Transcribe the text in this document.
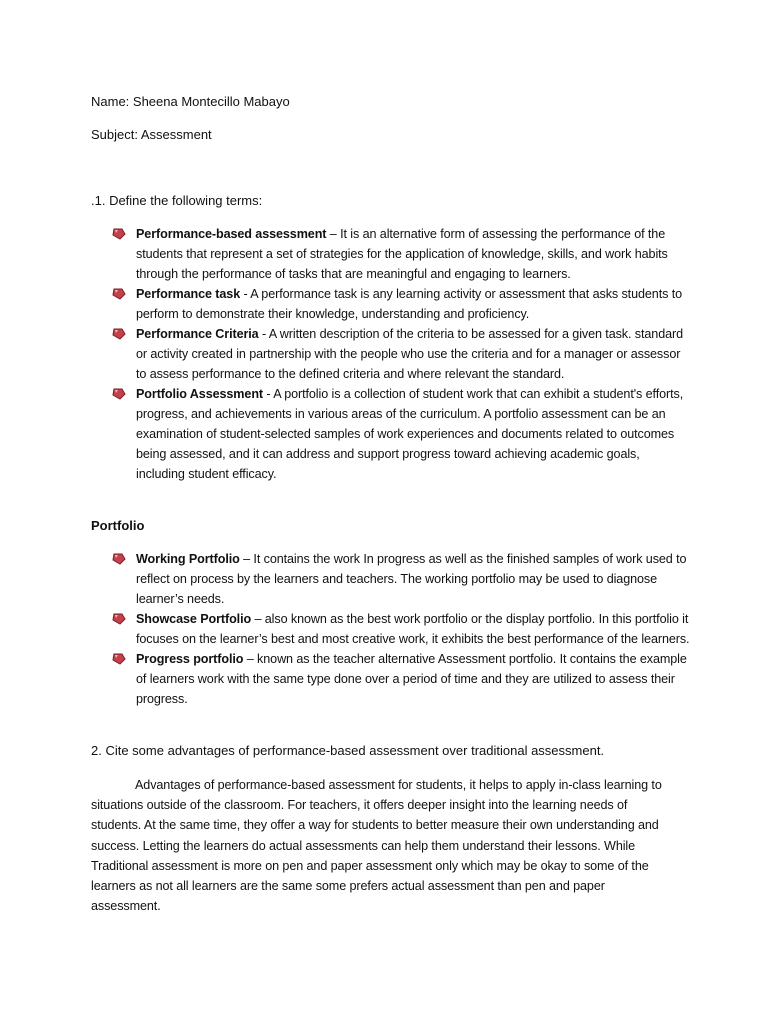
Name: Sheena Montecillo Mabayo
Subject: Assessment
.1. Define the following terms:
Performance-based assessment – It is an alternative form of assessing the performance of the students that represent a set of strategies for the application of knowledge, skills, and work habits through the performance of tasks that are meaningful and engaging to learners.
Performance task - A performance task is any learning activity or assessment that asks students to perform to demonstrate their knowledge, understanding and proficiency.
Performance Criteria - A written description of the criteria to be assessed for a given task. standard or activity created in partnership with the people who use the criteria and for a manager or assessor to assess performance to the defined criteria and where relevant the standard.
Portfolio Assessment - A portfolio is a collection of student work that can exhibit a student's efforts, progress, and achievements in various areas of the curriculum. A portfolio assessment can be an examination of student-selected samples of work experiences and documents related to outcomes being assessed, and it can address and support progress toward achieving academic goals, including student efficacy.
Portfolio
Working Portfolio – It contains the work In progress as well as the finished samples of work used to reflect on process by the learners and teachers. The working portfolio may be used to diagnose learner’s needs.
Showcase Portfolio – also known as the best work portfolio or the display portfolio. In this portfolio it focuses on the learner’s best and most creative work, it exhibits the best performance of the learners.
Progress portfolio – known as the teacher alternative Assessment portfolio. It contains the example of learners work with the same type done over a period of time and they are utilized to assess their progress.
2. Cite some advantages of performance-based assessment over traditional assessment.
Advantages of performance-based assessment for students, it helps to apply in-class learning to situations outside of the classroom. For teachers, it offers deeper insight into the learning needs of students. At the same time, they offer a way for students to better measure their own understanding and success. Letting the learners do actual assessments can help them understand their lessons. While Traditional assessment is more on pen and paper assessment only which may be okay to some of the learners as not all learners are the same some prefers actual assessment than pen and paper assessment.
